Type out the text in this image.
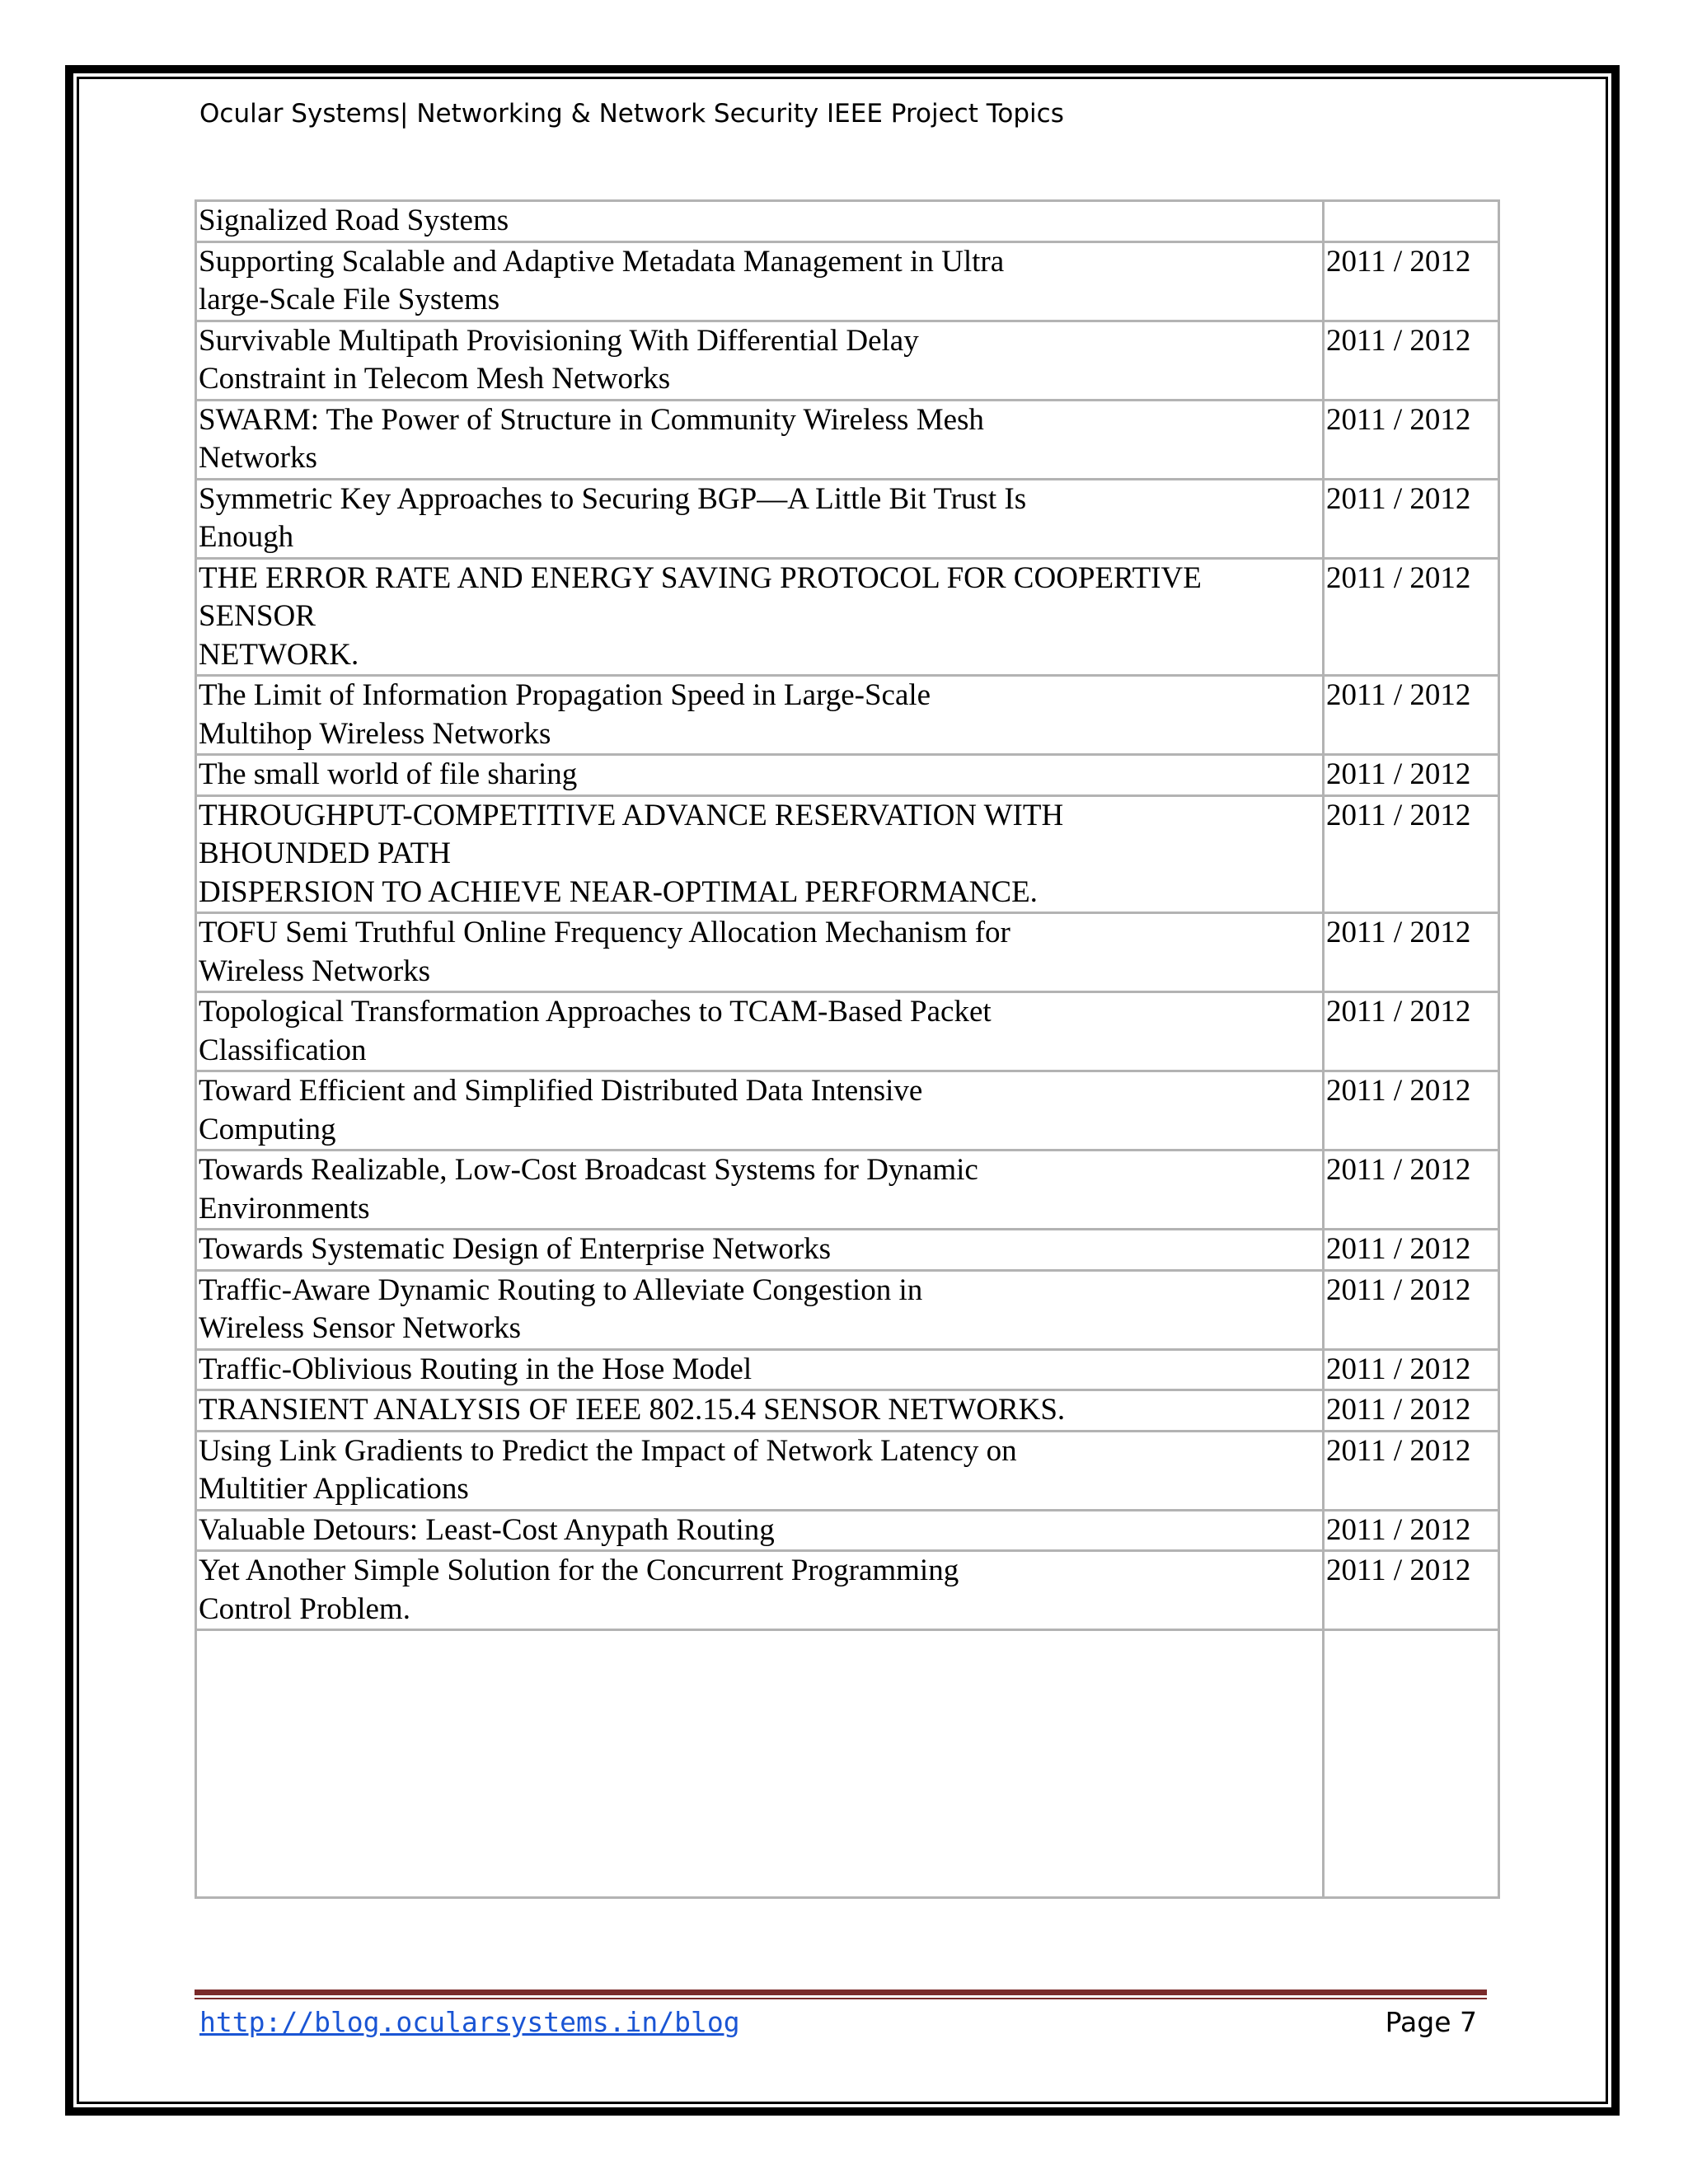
Ocular Systems| Networking & Network Security IEEE Project Topics
Signalized Road Systems	
Supporting Scalable and Adaptive Metadata Management in Ultra
large-Scale File Systems	2011 / 2012
Survivable Multipath Provisioning With Differential Delay
Constraint in Telecom Mesh Networks	2011 / 2012
SWARM: The Power of Structure in Community Wireless Mesh
Networks	2011 / 2012
Symmetric Key Approaches to Securing BGP—A Little Bit Trust Is
Enough	2011 / 2012
THE ERROR RATE AND ENERGY SAVING PROTOCOL FOR COOPERTIVE
SENSOR
NETWORK.	2011 / 2012
The Limit of Information Propagation Speed in Large-Scale
Multihop Wireless Networks	2011 / 2012
The small world of file sharing	2011 / 2012
THROUGHPUT-COMPETITIVE ADVANCE RESERVATION WITH
BHOUNDED PATH
DISPERSION TO ACHIEVE NEAR-OPTIMAL PERFORMANCE.	2011 / 2012
TOFU Semi Truthful Online Frequency Allocation Mechanism for
Wireless Networks	2011 / 2012
Topological Transformation Approaches to TCAM-Based Packet
Classification	2011 / 2012
Toward Efficient and Simplified Distributed Data Intensive
Computing	2011 / 2012
Towards Realizable, Low-Cost Broadcast Systems for Dynamic
Environments	2011 / 2012
Towards Systematic Design of Enterprise Networks	2011 / 2012
Traffic-Aware Dynamic Routing to Alleviate Congestion in
Wireless Sensor Networks	2011 / 2012
Traffic-Oblivious Routing in the Hose Model	2011 / 2012
TRANSIENT ANALYSIS OF IEEE 802.15.4 SENSOR NETWORKS.	2011 / 2012
Using Link Gradients to Predict the Impact of Network Latency on
Multitier Applications	2011 / 2012
Valuable Detours: Least-Cost Anypath Routing	2011 / 2012
Yet Another Simple Solution for the Concurrent Programming
Control Problem.	2011 / 2012

http://blog.ocularsystems.in/blog	Page 7
